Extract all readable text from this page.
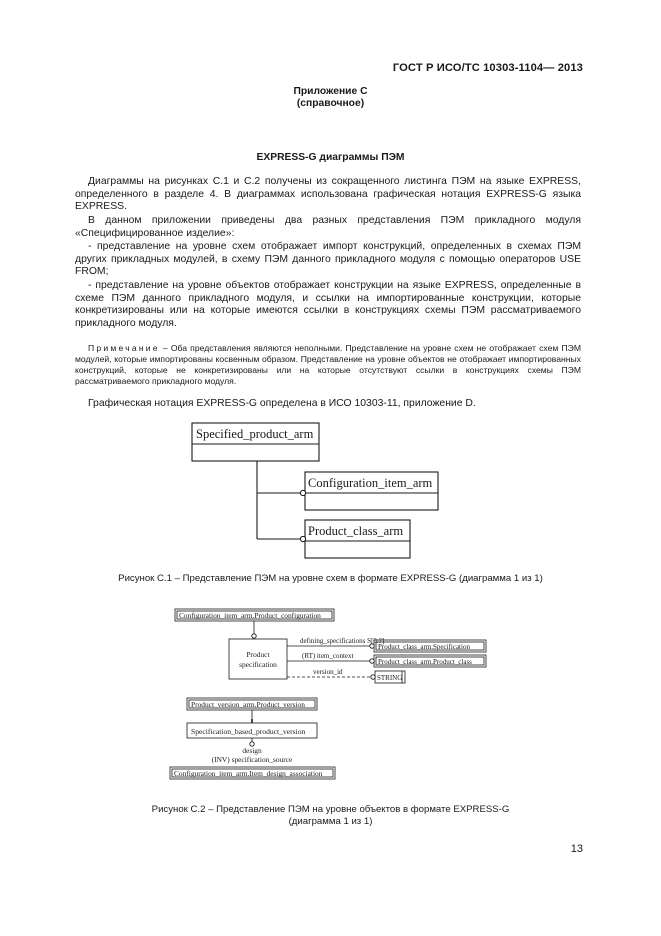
ГОСТ Р ИСО/ТС 10303-1104— 2013
Приложение С
(справочное)
EXPRESS-G диаграммы ПЭМ
Диаграммы на рисунках С.1 и С.2 получены из сокращенного листинга ПЭМ на языке EXPRESS, определенного в разделе 4. В диаграммах использована графическая нотация EXPRESS-G языка EXPRESS.
В данном приложении приведены два разных представления ПЭМ прикладного модуля «Специфицированное изделие»:
- представление на уровне схем отображает импорт конструкций, определенных в схемах ПЭМ других прикладных модулей, в схему ПЭМ данного прикладного модуля с помощью операторов USE FROM;
- представление на уровне объектов отображает конструкции на языке EXPRESS, определенные в схеме ПЭМ данного прикладного модуля, и ссылки на импортированные конструкции, которые конкретизированы или на которые имеются ссылки в конструкциях схемы ПЭМ рассматриваемого прикладного модуля.
Примечание – Оба представления являются неполными. Представление на уровне схем не отображает схем ПЭМ модулей, которые импортированы косвенным образом. Представление на уровне объектов не отображает импортированных конструкций, которые не конкретизированы или на которые отсутствуют ссылки в конструкциях схемы ПЭМ рассматриваемого прикладного модуля.
Графическая нотация EXPRESS-G определена в ИСО 10303-11, приложение D.
Specified_product_arm
Configuration_item_arm
Product_class_arm
Рисунок С.1 – Представление ПЭМ на уровне схем в формате EXPRESS-G (диаграмма 1 из 1)
Configuration_item_arm.Product_configuration
Product
specification
defining_specifications S[0:?]
(RT) item_context
version_id
Product_class_arm.Specification
Product_class_arm.Product_class
STRING
Product_version_arm.Product_version
Specification_based_product_version
design
(INV) specification_source
Configuration_item_arm.Item_design_association
Рисунок С.2 – Представление ПЭМ на уровне объектов в формате EXPRESS-G
(диаграмма 1 из 1)
13
